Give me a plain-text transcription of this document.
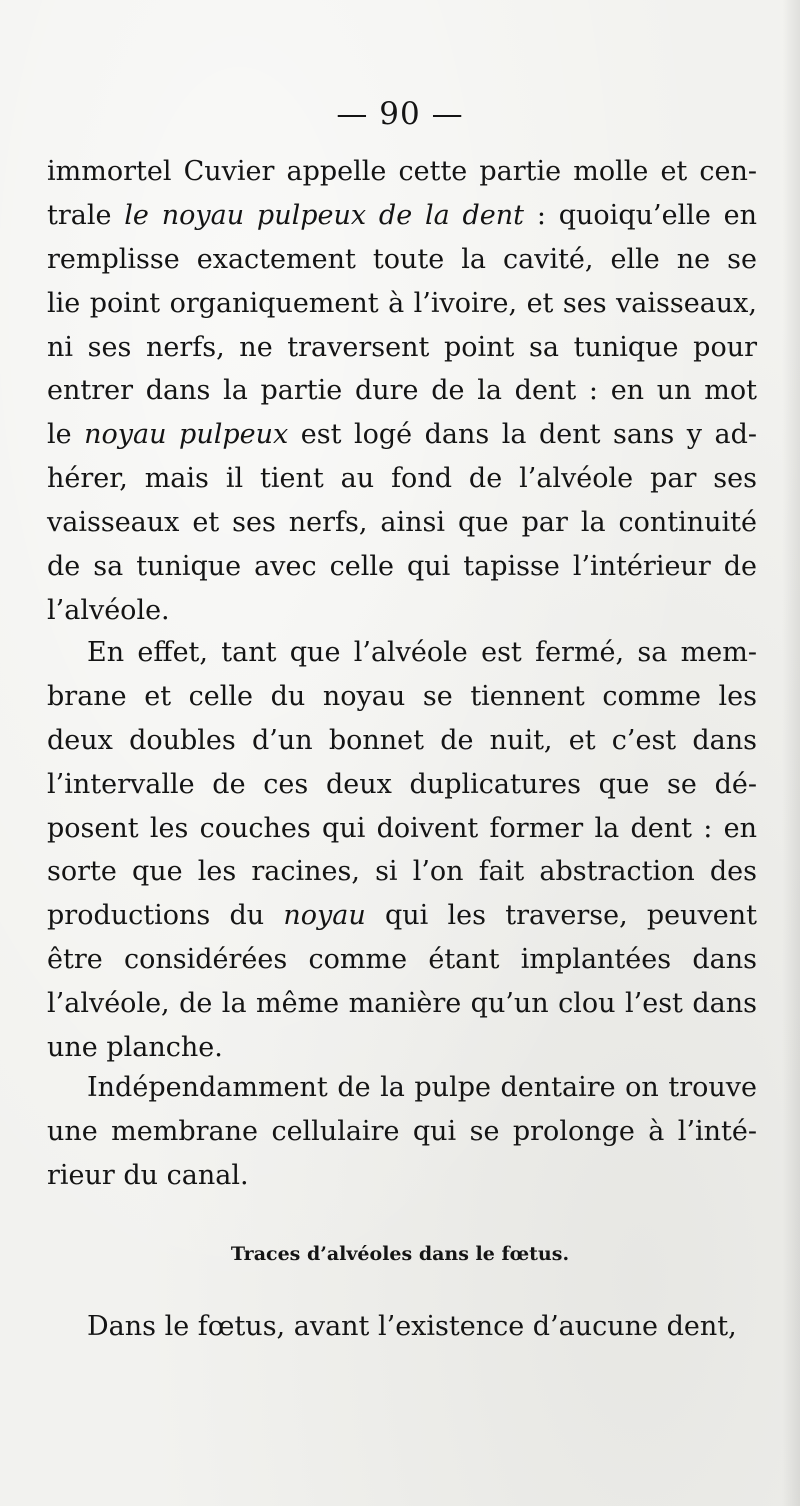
— 90 —
immortel Cuvier appelle cette partie molle et cen-
trale le noyau pulpeux de la dent : quoiqu’elle en
remplisse exactement toute la cavité, elle ne se
lie point organiquement à l’ivoire, et ses vaisseaux,
ni ses nerfs, ne traversent point sa tunique pour
entrer dans la partie dure de la dent : en un mot
le noyau pulpeux est logé dans la dent sans y ad-
hérer, mais il tient au fond de l’alvéole par ses
vaisseaux et ses nerfs, ainsi que par la continuité
de sa tunique avec celle qui tapisse l’intérieur de
l’alvéole.
En effet, tant que l’alvéole est fermé, sa mem-
brane et celle du noyau se tiennent comme les
deux doubles d’un bonnet de nuit, et c’est dans
l’intervalle de ces deux duplicatures que se dé-
posent les couches qui doivent former la dent : en
sorte que les racines, si l’on fait abstraction des
productions du noyau qui les traverse, peuvent
être considérées comme étant implantées dans
l’alvéole, de la même manière qu’un clou l’est dans
une planche.
Indépendamment de la pulpe dentaire on trouve
une membrane cellulaire qui se prolonge à l’inté-
rieur du canal.
Traces d’alvéoles dans le fœtus.
Dans le fœtus, avant l’existence d’aucune dent,
